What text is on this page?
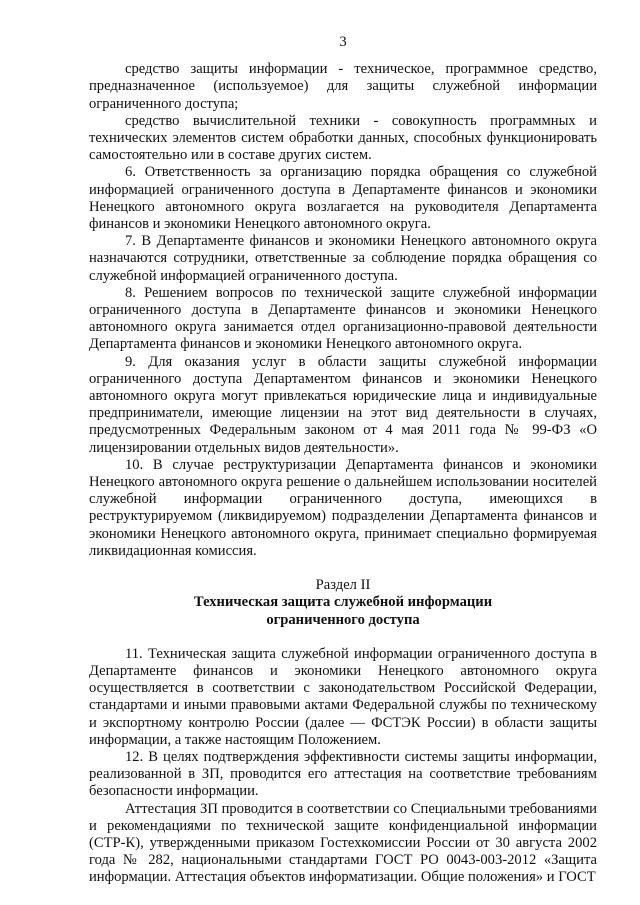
3

средство защиты информации - техническое, программное средство, предназначенное (используемое) для защиты служебной информации ограниченного доступа;

средство вычислительной техники - совокупность программных и технических элементов систем обработки данных, способных функционировать самостоятельно или в составе других систем.

6. Ответственность за организацию порядка обращения со служебной информацией ограниченного доступа в Департаменте финансов и экономики Ненецкого автономного округа возлагается на руководителя Департамента финансов и экономики Ненецкого автономного округа.

7. В Департаменте финансов и экономики Ненецкого автономного округа назначаются сотрудники, ответственные за соблюдение порядка обращения со служебной информацией ограниченного доступа.

8. Решением вопросов по технической защите служебной информации ограниченного доступа в Департаменте финансов и экономики Ненецкого автономного округа занимается отдел организационно-правовой деятельности Департамента финансов и экономики Ненецкого автономного округа.

9. Для оказания услуг в области защиты служебной информации ограниченного доступа Департаментом финансов и экономики Ненецкого автономного округа могут привлекаться юридические лица и индивидуальные предприниматели, имеющие лицензии на этот вид деятельности в случаях, предусмотренных Федеральным законом от 4 мая 2011 года № 99-ФЗ «О лицензировании отдельных видов деятельности».

10. В случае реструктуризации Департамента финансов и экономики Ненецкого автономного округа решение о дальнейшем использовании носителей служебной информации ограниченного доступа, имеющихся в реструктурируемом (ликвидируемом) подразделении Департамента финансов и экономики Ненецкого автономного округа, принимает специально формируемая ликвидационная комиссия.

Раздел II
Техническая защита служебной информации
ограниченного доступа

11. Техническая защита служебной информации ограниченного доступа в Департаменте финансов и экономики Ненецкого автономного округа осуществляется в соответствии с законодательством Российской Федерации, стандартами и иными правовыми актами Федеральной службы по техническому и экспортному контролю России (далее — ФСТЭК России) в области защиты информации, а также настоящим Положением.

12. В целях подтверждения эффективности системы защиты информации, реализованной в ЗП, проводится его аттестация на соответствие требованиям безопасности информации.

Аттестация ЗП проводится в соответствии со Специальными требованиями и рекомендациями по технической защите конфиденциальной информации (СТР-К), утвержденными приказом Гостехкомиссии России от 30 августа 2002 года № 282, национальными стандартами ГОСТ РО 0043-003-2012 «Защита информации. Аттестация объектов информатизации. Общие положения» и ГОСТ
